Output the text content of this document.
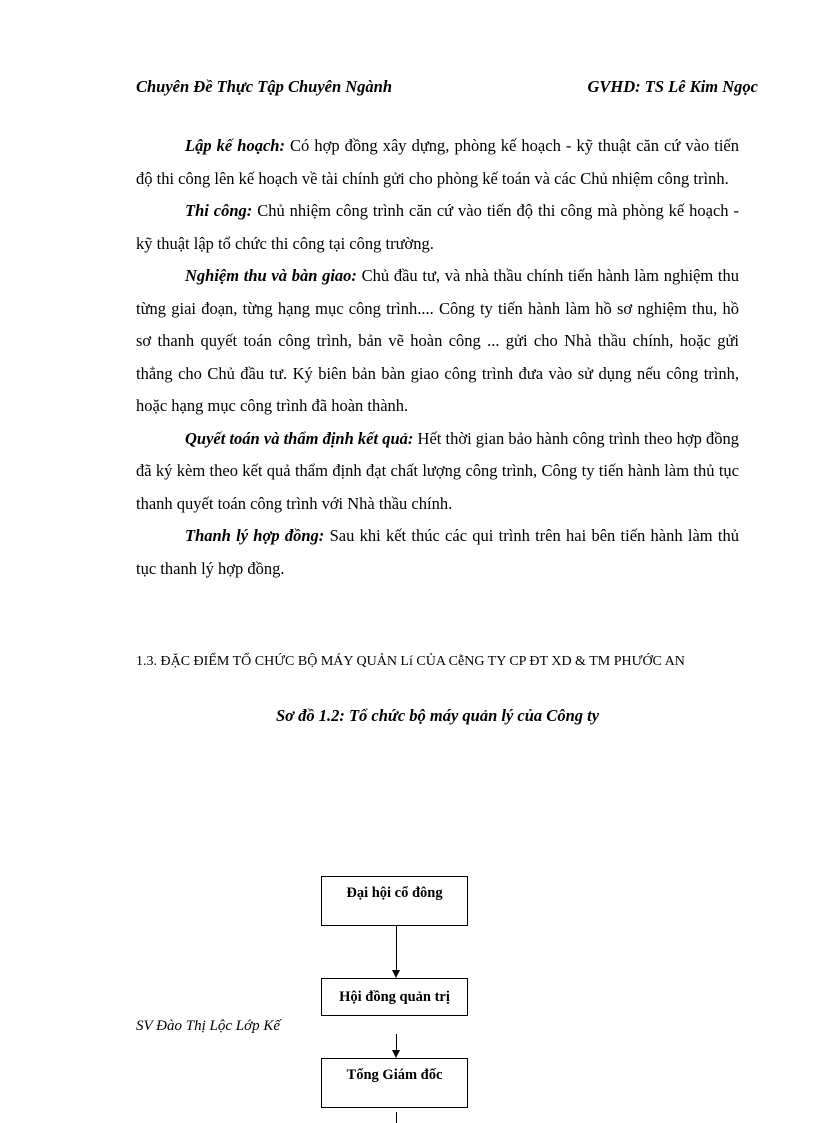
Chuyên Đề Thực Tập Chuyên Ngành	GVHD: TS Lê Kim Ngọc

Lập kế hoạch: Có hợp đồng xây dựng, phòng kế hoạch - kỹ thuật căn cứ vào tiến độ thi công lên kế hoạch về tài chính gửi cho phòng kế toán và các Chủ nhiệm công trình.

Thi công: Chủ nhiệm công trình căn cứ vào tiến độ thi công mà phòng kế hoạch - kỹ thuật lập tổ chức thi công tại công trường.

Nghiệm thu và bàn giao: Chủ đầu tư, và nhà thầu chính tiến hành làm nghiệm thu từng giai đoạn, từng hạng mục công trình.... Công ty tiến hành làm hồ sơ nghiệm thu, hồ sơ thanh quyết toán công trình, bản vẽ hoàn công ... gửi cho Nhà thầu chính, hoặc gửi thẳng cho Chủ đầu tư. Ký biên bản bàn giao công trình đưa vào sử dụng nếu công trình, hoặc hạng mục công trình đã hoàn thành.

Quyết toán và thẩm định kết quả: Hết thời gian bảo hành công trình theo hợp đồng đã ký kèm theo kết quả thẩm định đạt chất lượng công trình, Công ty tiến hành làm thủ tục thanh quyết toán công trình với Nhà thầu chính.

Thanh lý hợp đồng: Sau khi kết thúc các qui trình trên hai bên tiến hành làm thủ tục thanh lý hợp đồng.

1.3. ĐẶC ĐIỂM TỔ CHỨC BỘ MÁY QUẢN Lí CỦA CễNG TY CP ĐT XD & TM PHƯỚC AN
Sơ đồ 1.2: Tổ chức bộ máy quản lý của Công ty
SV Đào Thị Lộc Lớp Kế
Đại hội cổ đông
Hội đồng quản trị
Tổng Giám đốc
